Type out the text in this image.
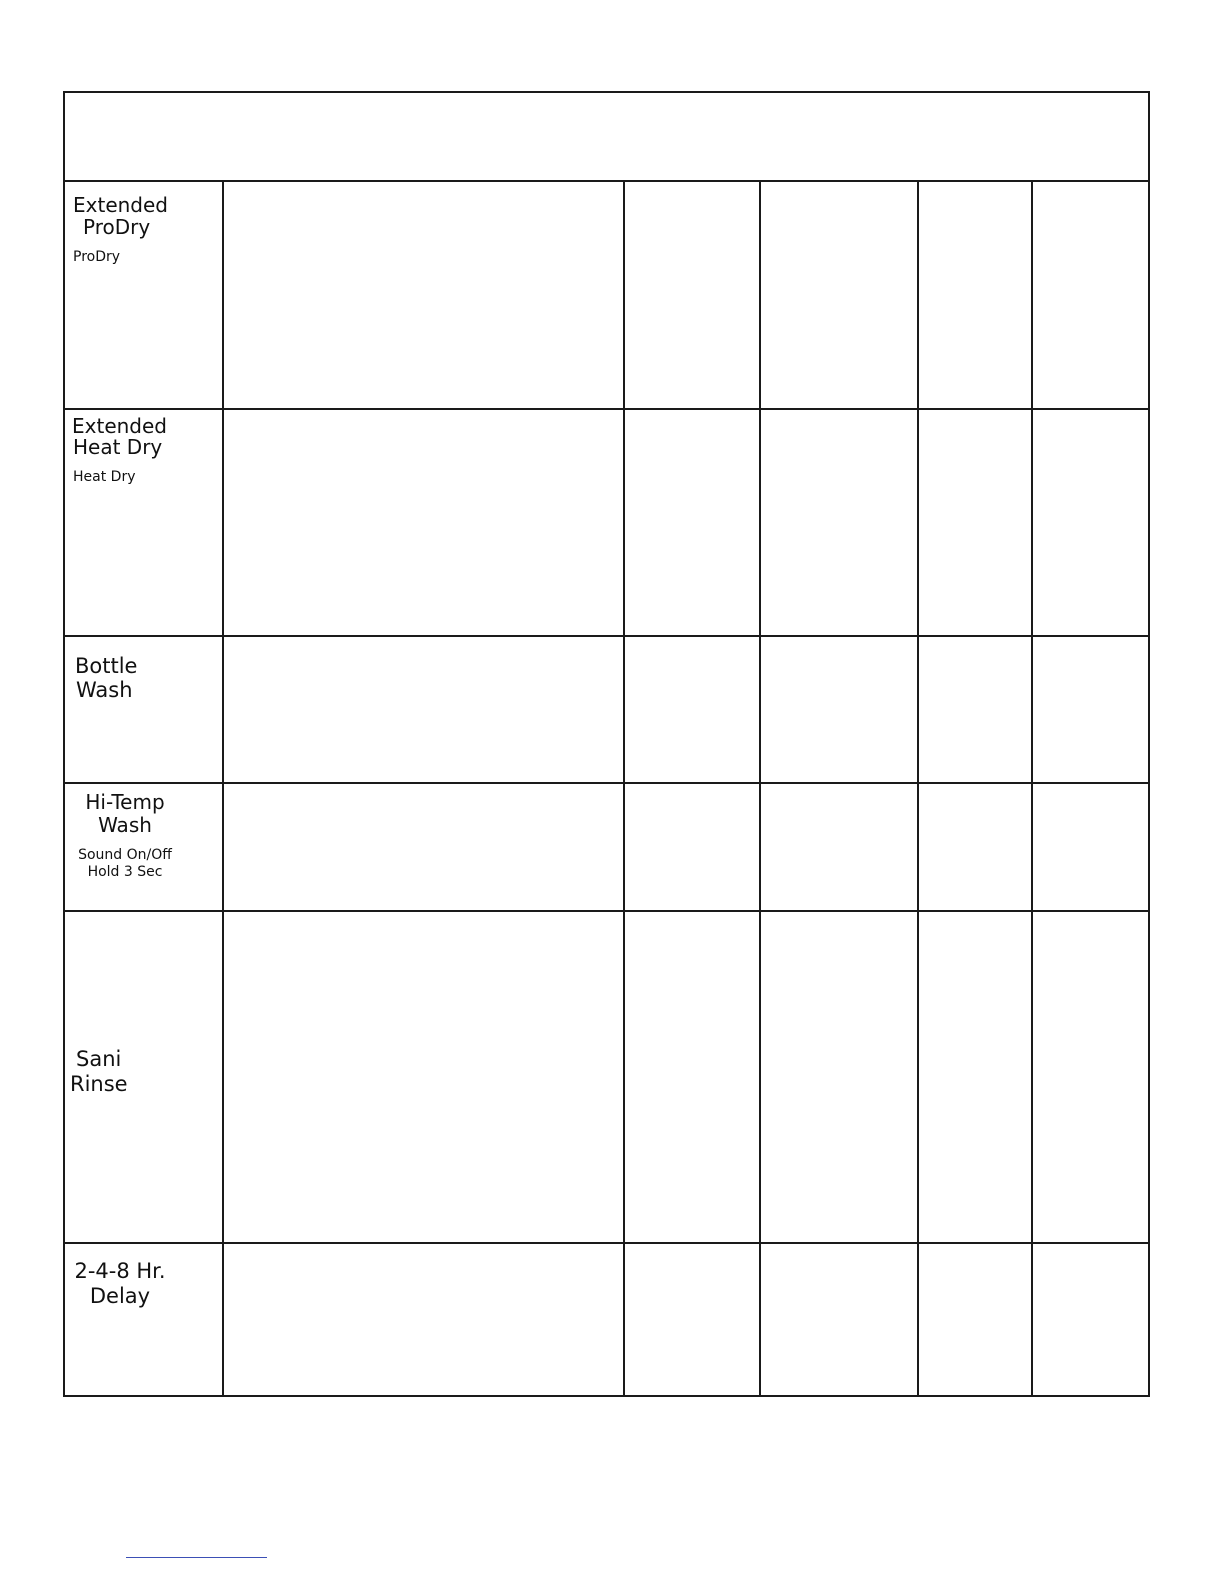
Extended
ProDry
ProDry
Extended
Heat Dry
Heat Dry
Bottle
Wash
Hi-Temp
Wash
Sound On/Off
Hold 3 Sec
Sani
Rinse
2-4-8 Hr.
Delay
